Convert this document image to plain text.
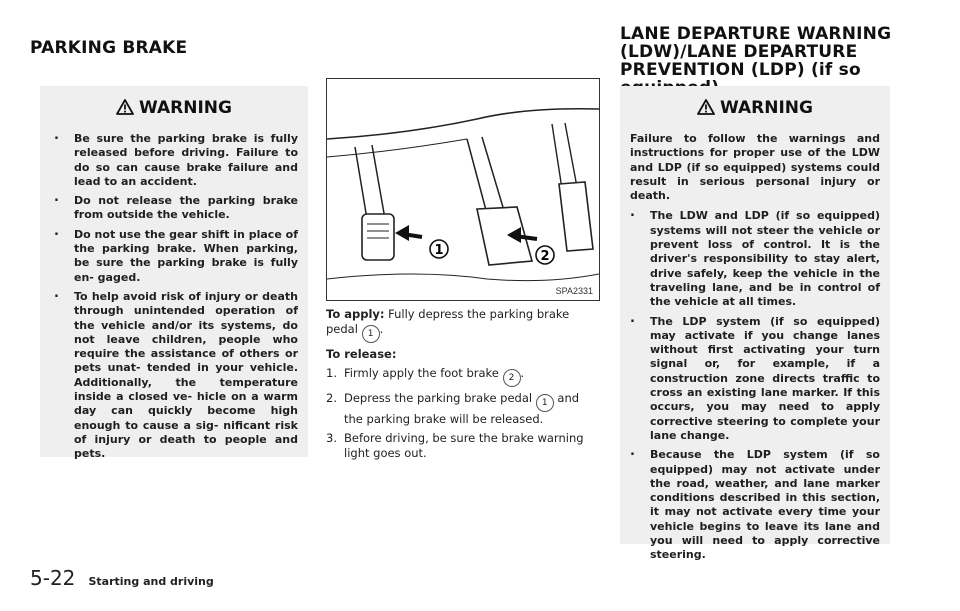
PARKING BRAKE
WARNING
. Be sure the parking brake is fully released before driving. Failure to do so can cause brake failure and lead to an accident.
. Do not release the parking brake from outside the vehicle.
. Do not use the gear shift in place of the parking brake. When parking, be sure the parking brake is fully en- gaged.
. To help avoid risk of injury or death through unintended operation of the vehicle and/or its systems, do not leave children, people who require the assistance of others or pets unat- tended in your vehicle. Additionally, the temperature inside a closed ve- hicle on a warm day can quickly become high enough to cause a sig- nificant risk of injury or death to people and pets.
1	2
SPA2331
To apply: Fully depress the parking brake pedal 1 .
To release:
1. Firmly apply the foot brake 2 .
2. Depress the parking brake pedal 1 and the parking brake will be released.
3. Before driving, be sure the brake warning light goes out.
LANE DEPARTURE WARNING
(LDW)/LANE DEPARTURE
PREVENTION (LDP) (if so
WARNING
Failure to follow the warnings and instructions for proper use of the LDW and LDP (if so equipped) systems could result in serious personal injury or death.
. The LDW and LDP (if so equipped) systems will not steer the vehicle or prevent loss of control. It is the driver's responsibility to stay alert, drive safely, keep the vehicle in the traveling lane, and be in control of the vehicle at all times.
. The LDP system (if so equipped) may activate if you change lanes without first activating your turn signal or, for example, if a construction zone directs traffic to cross an existing lane marker. If this occurs, you may need to apply corrective steering to complete your lane change.
. Because the LDP system (if so equipped) may not activate under the road, weather, and lane marker conditions described in this section, it may not activate every time your vehicle begins to leave its lane and you will need to apply corrective steering.
5-22 Starting and driving
